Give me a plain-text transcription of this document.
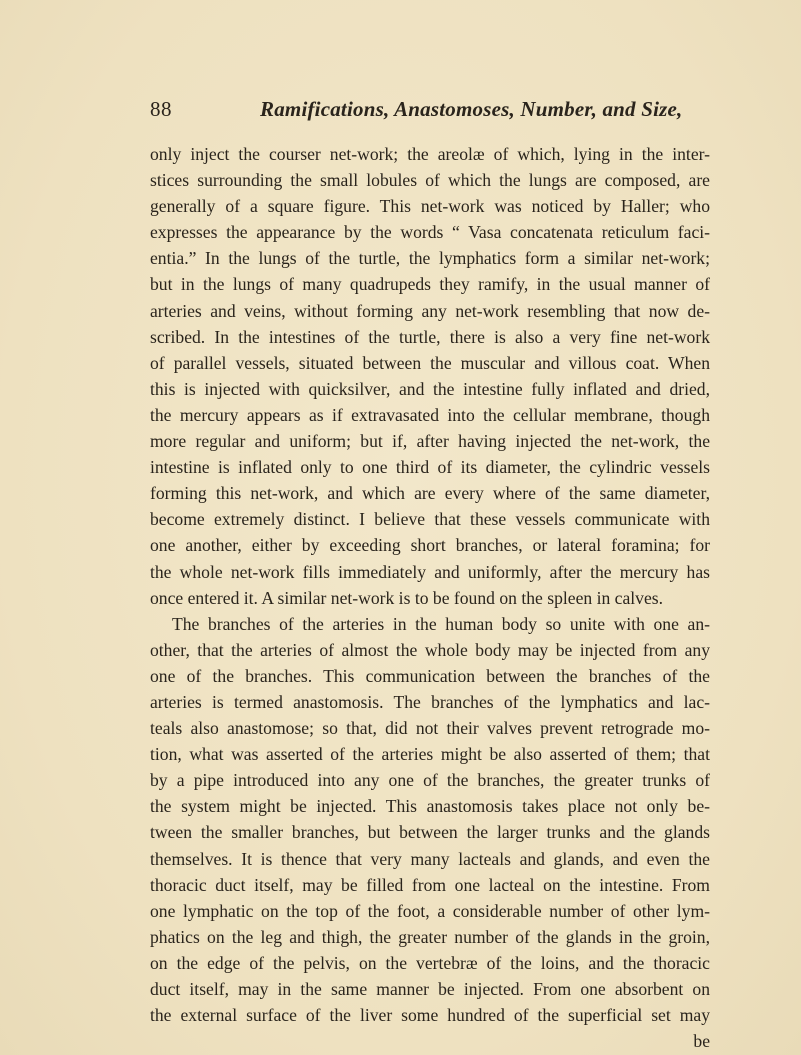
88	Ramifications, Anastomoses, Number, and Size,
only inject the courser net-work; the areolæ of which, lying in the inter-
stices surrounding the small lobules of which the lungs are composed, are
generally of a square figure. This net-work was noticed by Haller; who
expresses the appearance by the words “ Vasa concatenata reticulum faci-
entia.” In the lungs of the turtle, the lymphatics form a similar net-work;
but in the lungs of many quadrupeds they ramify, in the usual manner of
arteries and veins, without forming any net-work resembling that now de-
scribed. In the intestines of the turtle, there is also a very fine net-work
of parallel vessels, situated between the muscular and villous coat. When
this is injected with quicksilver, and the intestine fully inflated and dried,
the mercury appears as if extravasated into the cellular membrane, though
more regular and uniform; but if, after having injected the net-work, the
intestine is inflated only to one third of its diameter, the cylindric vessels
forming this net-work, and which are every where of the same diameter,
become extremely distinct. I believe that these vessels communicate with
one another, either by exceeding short branches, or lateral foramina; for
the whole net-work fills immediately and uniformly, after the mercury has
once entered it. A similar net-work is to be found on the spleen in calves.
The branches of the arteries in the human body so unite with one an-
other, that the arteries of almost the whole body may be injected from any
one of the branches. This communication between the branches of the
arteries is termed anastomosis. The branches of the lymphatics and lac-
teals also anastomose; so that, did not their valves prevent retrograde mo-
tion, what was asserted of the arteries might be also asserted of them; that
by a pipe introduced into any one of the branches, the greater trunks of
the system might be injected. This anastomosis takes place not only be-
tween the smaller branches, but between the larger trunks and the glands
themselves. It is thence that very many lacteals and glands, and even the
thoracic duct itself, may be filled from one lacteal on the intestine. From
one lymphatic on the top of the foot, a considerable number of other lym-
phatics on the leg and thigh, the greater number of the glands in the groin,
on the edge of the pelvis, on the vertebræ of the loins, and the thoracic
duct itself, may in the same manner be injected. From one absorbent on
the external surface of the liver some hundred of the superficial set may
be
